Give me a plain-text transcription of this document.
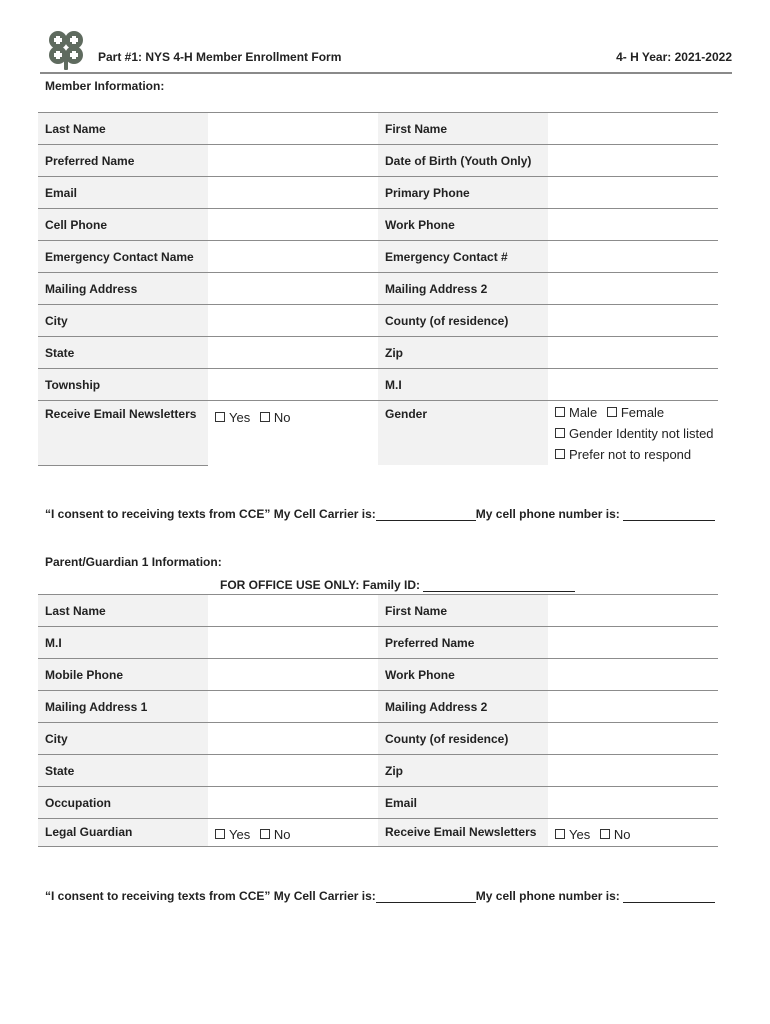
Part #1: NYS 4-H Member Enrollment Form	4- H Year: 2021-2022
Member Information:
Last Name		First Name	
Preferred Name		Date of Birth (Youth Only)	
Email		Primary Phone	
Cell Phone		Work Phone	
Emergency Contact Name		Emergency Contact #	
Mailing Address		Mailing Address 2	
City		County (of residence)	
State		Zip	
Township		M.I	
Receive Email Newsletters	Yes No	Gender	Male Female
Gender Identity not listed
Prefer not to respond
“I consent to receiving texts from CCE” My Cell Carrier is:	My cell phone number is:
Parent/Guardian 1 Information:
FOR OFFICE USE ONLY: Family ID:
Last Name		First Name	
M.I		Preferred Name	
Mobile Phone		Work Phone	
Mailing Address 1		Mailing Address 2	
City		County (of residence)	
State		Zip	
Occupation		Email	
Legal Guardian	Yes No	Receive Email Newsletters	Yes No
“I consent to receiving texts from CCE” My Cell Carrier is:	My cell phone number is:
